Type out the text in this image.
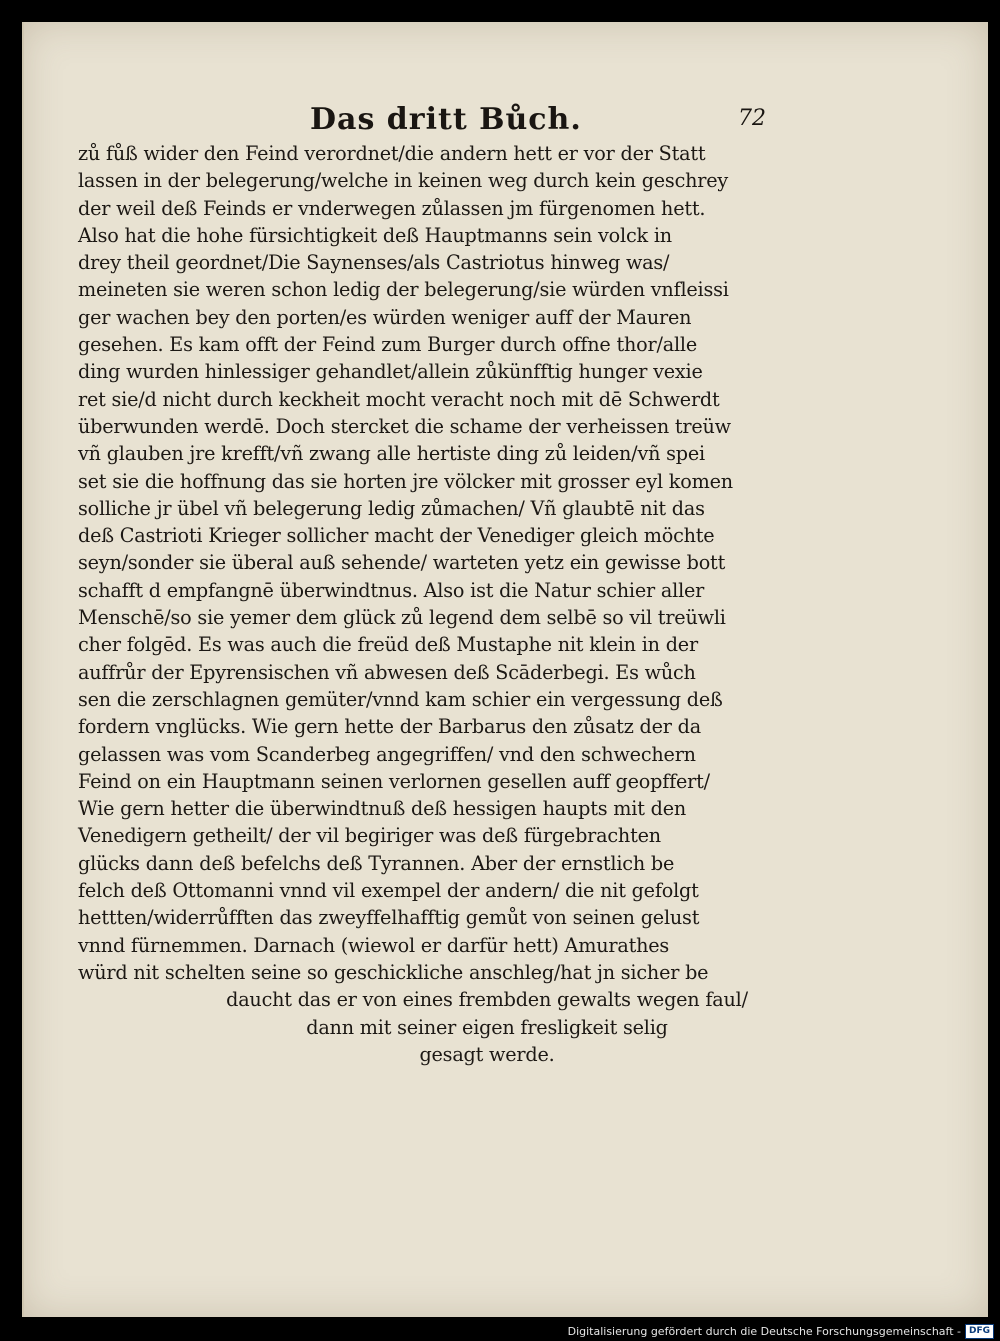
Das dritt Bůch.	72
zů fůß wider den Feind verordnet/die andern hett er vor der Statt
lassen in der belegerung/welche in keinen weg durch kein geschrey
der weil deß Feinds er vnderwegen zůlassen jm fürgenomen hett.
Also hat die hohe fürsichtigkeit deß Hauptmanns sein volck in
drey theil geordnet/Die Saynenses/als Castriotus hinweg was/
meineten sie weren schon ledig der belegerung/sie würden vnfleissi
ger wachen bey den porten/es würden weniger auff der Mauren
gesehen. Es kam offt der Feind zum Burger durch offne thor/alle
ding wurden hinlessiger gehandlet/allein zůkünfftig hunger vexie
ret sie/d nicht durch keckheit mocht veracht noch mit dē Schwerdt
überwunden werdē. Doch stercket die schame der verheissen treüw
vñ glauben jre krefft/vñ zwang alle hertiste ding zů leiden/vñ spei
set sie die hoffnung das sie horten jre völcker mit grosser eyl komen
solliche jr übel vñ belegerung ledig zůmachen/ Vñ glaubtē nit das
deß Castrioti Krieger sollicher macht der Venediger gleich möchte
seyn/sonder sie überal auß sehende/ warteten yetz ein gewisse bott
schafft d empfangnē überwindtnus. Also ist die Natur schier aller
Menschē/so sie yemer dem glück zů legend dem selbē so vil treüwli
cher folgēd. Es was auch die freüd deß Mustaphe nit klein in der
auffrůr der Epyrensischen vñ abwesen deß Scāderbegi. Es wůch
sen die zerschlagnen gemüter/vnnd kam schier ein vergessung deß
fordern vnglücks. Wie gern hette der Barbarus den zůsatz der da
gelassen was vom Scanderbeg angegriffen/ vnd den schwechern
Feind on ein Hauptmann seinen verlornen gesellen auff geopffert/
Wie gern hetter die überwindtnuß deß hessigen haupts mit den
Venedigern getheilt/ der vil begiriger was deß fürgebrachten
glücks dann deß befelchs deß Tyrannen. Aber der ernstlich be
felch deß Ottomanni vnnd vil exempel der andern/ die nit gefolgt
hettten/widerrůfften das zweyffelhafftig gemůt von seinen gelust
vnnd fürnemmen. Darnach (wiewol er darfür hett) Amurathes
würd nit schelten seine so geschickliche anschleg/hat jn sicher be
daucht das er von eines frembden gewalts wegen faul/
dann mit seiner eigen fresligkeit selig
gesagt werde.
Digitalisierung gefördert durch die Deutsche Forschungsgemeinschaft - DFG
